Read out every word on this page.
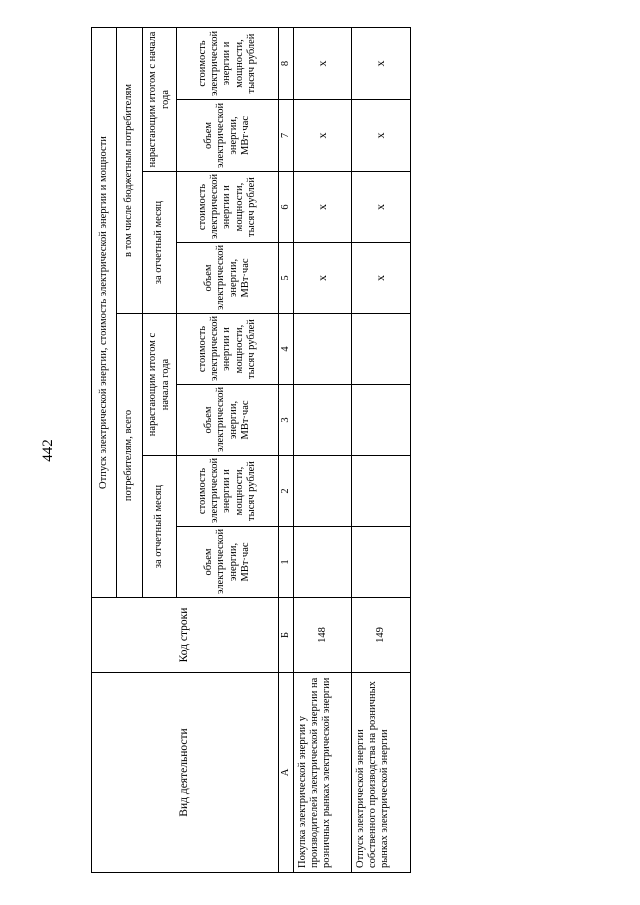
442
Вид деятельности	Код строки	Отпуск электрической энергии, стоимость электрической энергии и мощности							
		потребителям, всего				в том числе бюджетным потребителям			
		за отчетный месяц		нарастающим итогом с начала года		за отчетный месяц		нарастающим итогом с начала года	
		объем электрической энергии, МВт·час	стоимость электрической энергии и мощности, тысяч рублей	объем электрической энергии, МВт·час	стоимость электрической энергии и мощности, тысяч рублей	объем электрической энергии, МВт·час	стоимость электрической энергии и мощности, тысяч рублей	объем электрической энергии, МВт·час	стоимость электрической энергии и мощности, тысяч рублей
А	Б	1	2	3	4	5	6	7	8
Покупка электрической энергии у производителей электрической энергии на розничных рынках электрической энергии	148					х	х	х	х
Отпуск электрической энергии собственного производства на розничных рынках электрической энергии	149					х	х	х	х
